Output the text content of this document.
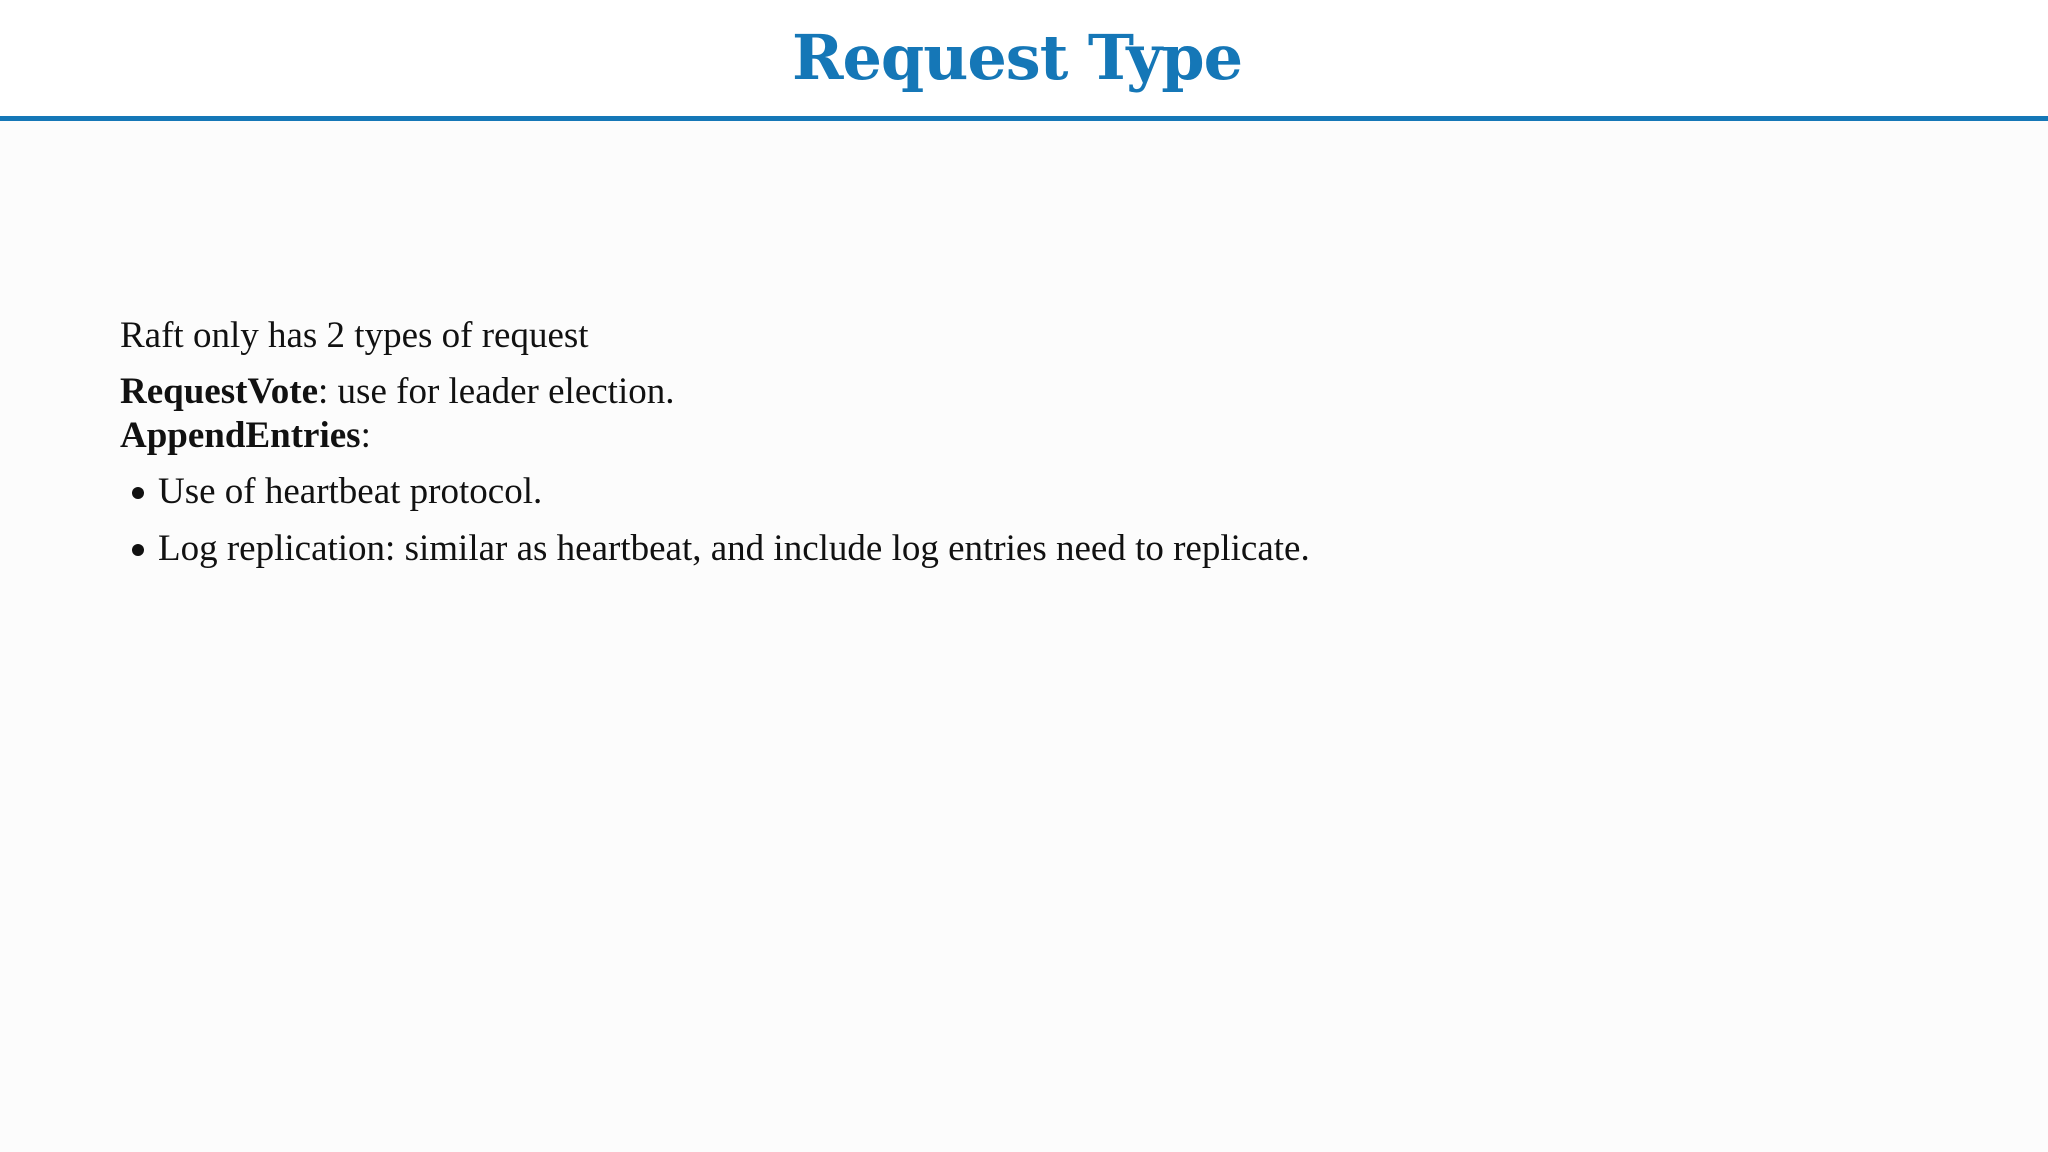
Request Type
Raft only has 2 types of request
RequestVote: use for leader election.
AppendEntries:
Use of heartbeat protocol.
Log replication: similar as heartbeat, and include log entries need to replicate.
